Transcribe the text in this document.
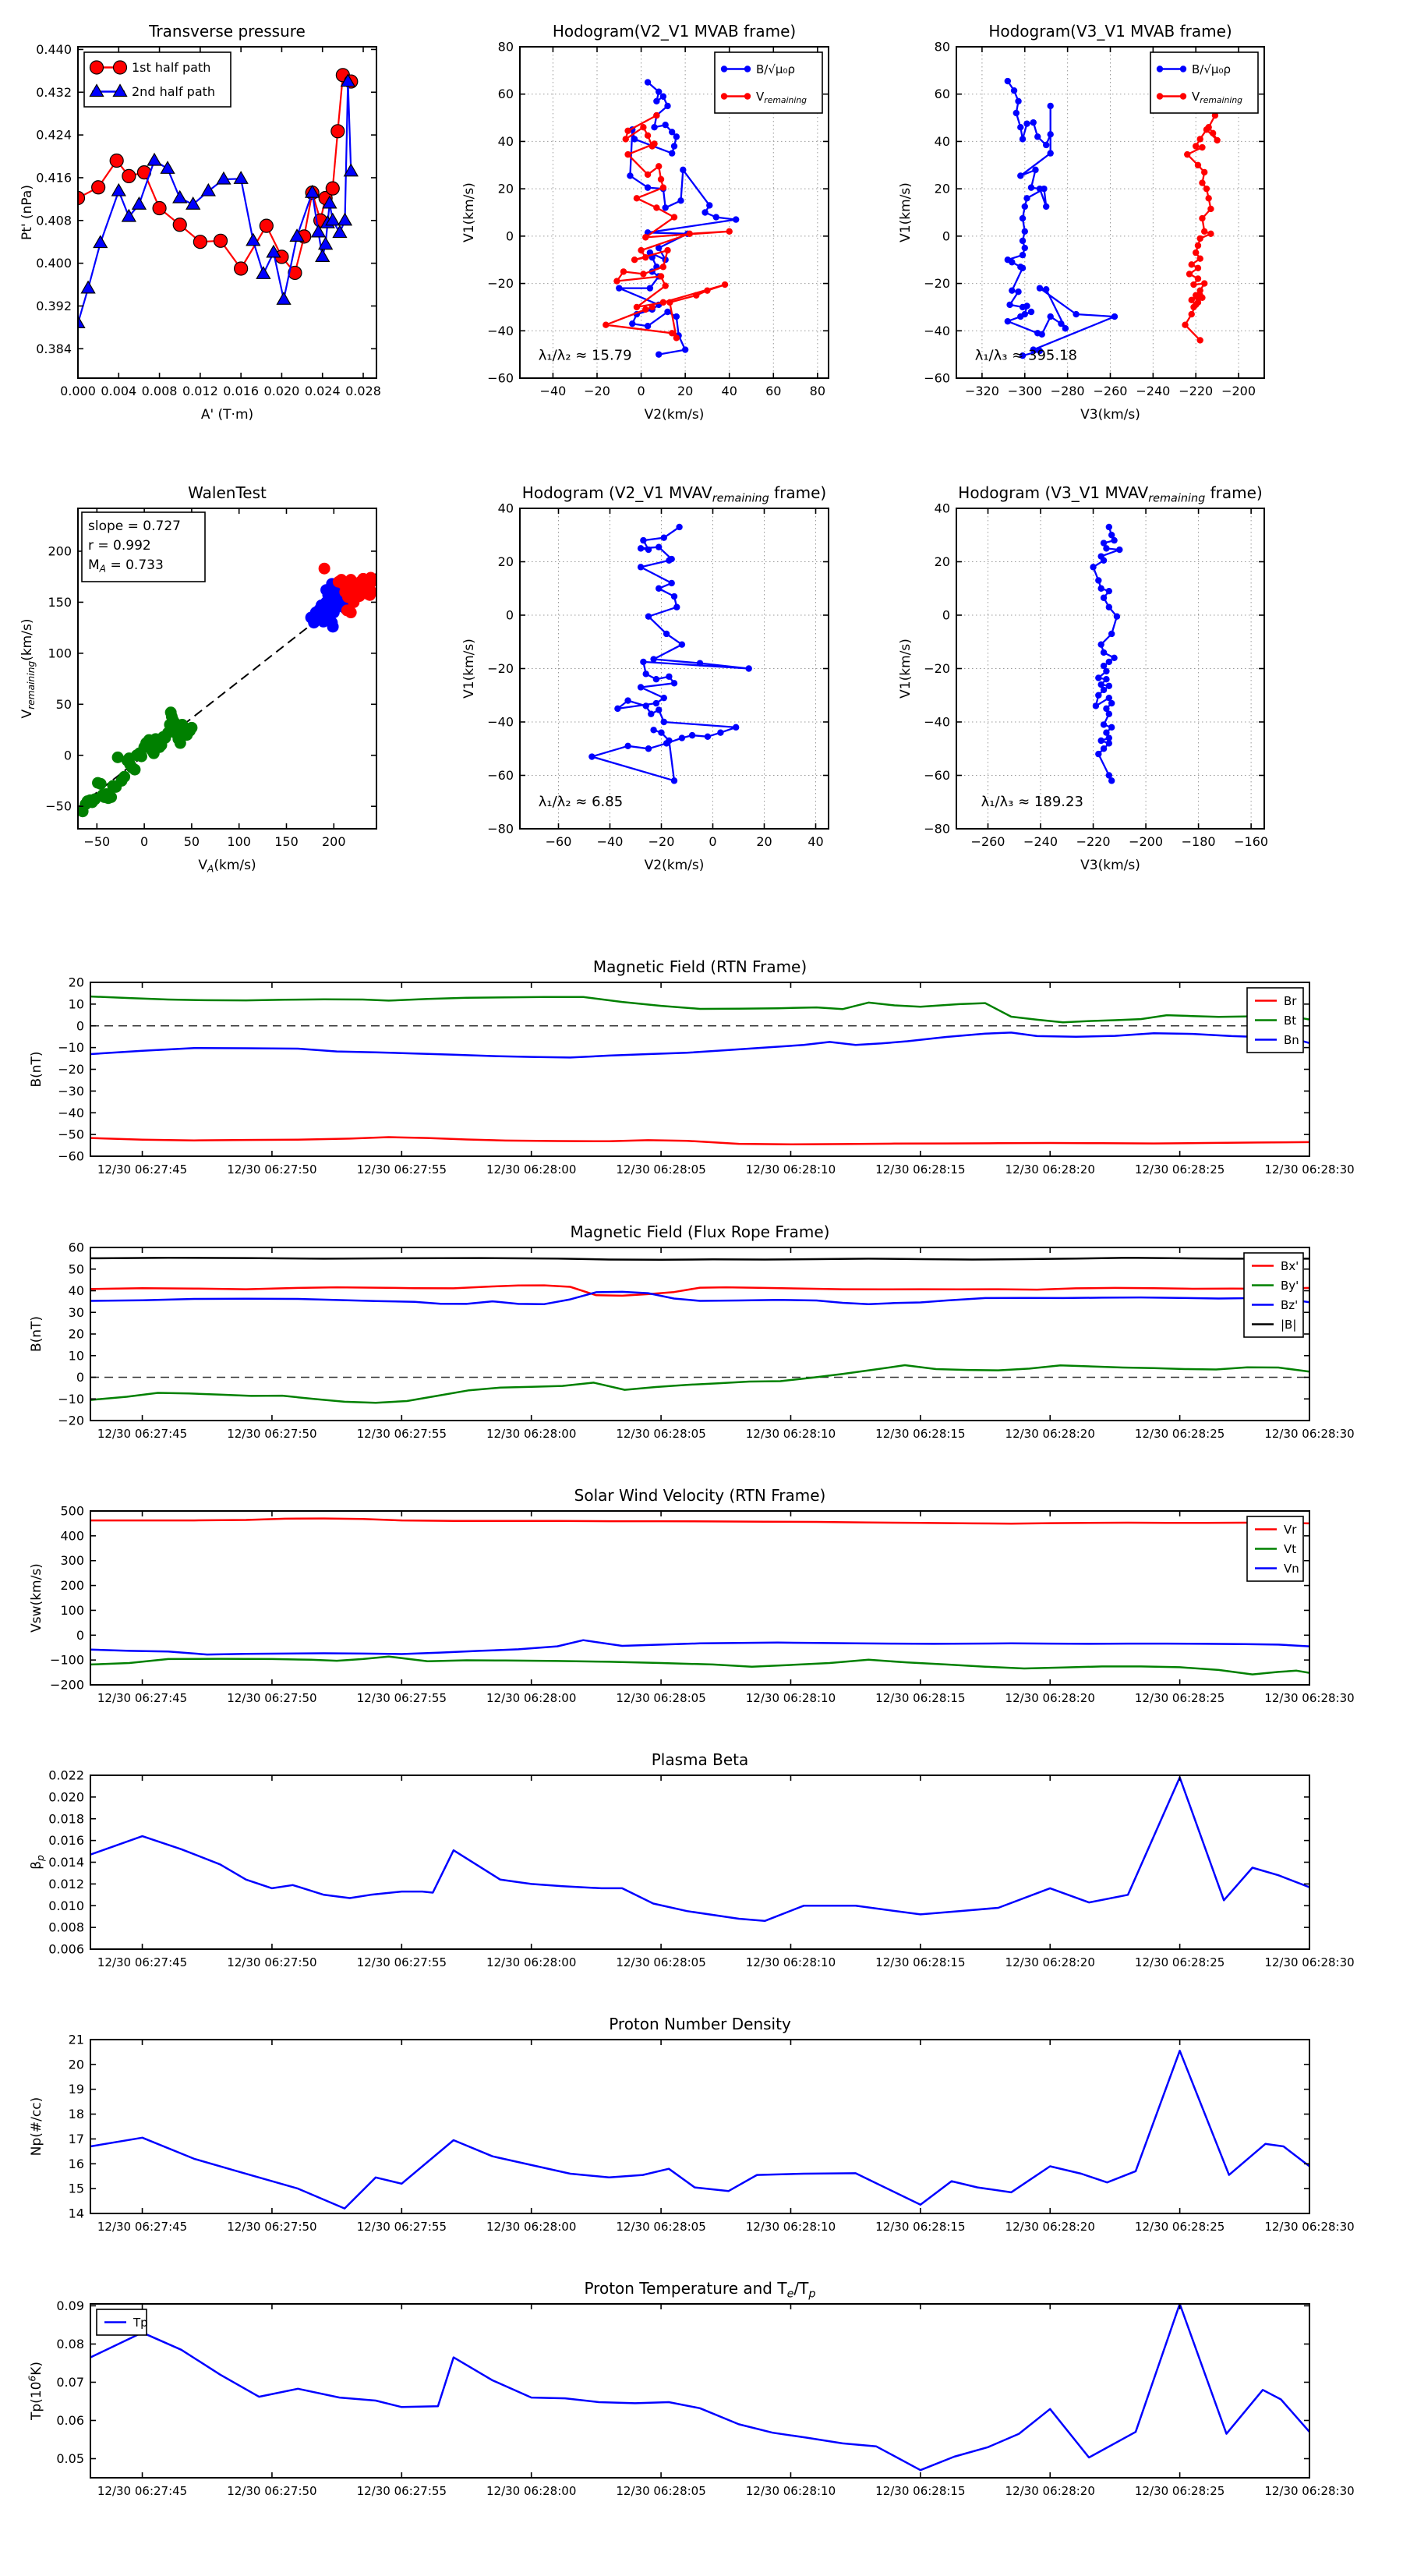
0.000 0.004 0.008 0.012 0.016 0.020 0.024 0.028
0.384
0.392
0.400
0.408
0.416
0.424
0.432
0.440
Transverse pressure
A' (T·m)
Pt' (nPa)
1st half path
2nd half path
−40 −20 0	20 40 60 80
−60
−40
−20
0
20
40
60
80
Hodogram(V2_V1 MVAB frame)
V2(km/s)
V1(km/s)
λ₁/λ₂ ≈ 15.79
B/√μ₀ρ
$V_{remaining}$
−320 −300 −280 −260 −240 −220 −200
−60
−40
−20
0
20
40
60
80
Hodogram(V3_V1 MVAB frame)
V3(km/s)
V1(km/s)
λ₁/λ₃ ≈ 395.18
B/√μ₀ρ
$V_{remaining}$
−50 0	50 100 150 200
−50
0
50
100
150
200
WalenTest
$V_A(km/s)$
$V_{remaining}(km/s)$
slope = 0.727
r = 0.992
$M_A = 0.733$
−60 −40 −20	0	20	40
−80
−60
−40
−20
0
20
40
Hodogram (V2_V1 $MVAV_{remaining}$ frame)
V2(km/s)
V1(km/s)
λ₁/λ₂ ≈ 6.85
−260 −240 −220 −200 −180 −160
−80
−60
−40
−20
0
20
40
Hodogram (V3_V1 $MVAV_{remaining}$ frame)
V3(km/s)
V1(km/s)
λ₁/λ₃ ≈ 189.23
12/30 06:27:45	12/30 06:27:50	12/30 06:27:55	12/30 06:28:00	12/30 06:28:05	12/30 06:28:10	12/30 06:28:15	12/30 06:28:20	12/30 06:28:25	12/30 06:28:30
−60
−50
−40
−30
−20
−10
0
10
20
Magnetic Field (RTN Frame)
B(nT)
Br
Bt
Bn
12/30 06:27:45	12/30 06:27:50	12/30 06:27:55	12/30 06:28:00	12/30 06:28:05	12/30 06:28:10	12/30 06:28:15	12/30 06:28:20	12/30 06:28:25	12/30 06:28:30
−20
−10
0
10
20
30
40
50
60
Magnetic Field (Flux Rope Frame)
B(nT)
Bx'
By'
Bz'
|B|
12/30 06:27:45	12/30 06:27:50	12/30 06:27:55	12/30 06:28:00	12/30 06:28:05	12/30 06:28:10	12/30 06:28:15	12/30 06:28:20	12/30 06:28:25	12/30 06:28:30
−200
−100
0
100
200
300
400
500
Solar Wind Velocity (RTN Frame)
Vsw(km/s)
Vr
Vt
Vn
12/30 06:27:45	12/30 06:27:50	12/30 06:27:55	12/30 06:28:00	12/30 06:28:05	12/30 06:28:10	12/30 06:28:15	12/30 06:28:20	12/30 06:28:25	12/30 06:28:30
0.006
0.008
0.010
0.012
0.014
0.016
0.018
0.020
0.022
Plasma Beta
$\beta_p$
12/30 06:27:45	12/30 06:27:50	12/30 06:27:55	12/30 06:28:00	12/30 06:28:05	12/30 06:28:10	12/30 06:28:15	12/30 06:28:20	12/30 06:28:25	12/30 06:28:30
14
15
16
17
18
19
20
21
Proton Number Density
Np(#/cc)
12/30 06:27:45	12/30 06:27:50	12/30 06:27:55	12/30 06:28:00	12/30 06:28:05	12/30 06:28:10	12/30 06:28:15	12/30 06:28:20	12/30 06:28:25	12/30 06:28:30
0.05
0.06
0.07
0.08
0.09
Proton Temperature and $T_e/T_p$
$Tp(10^6K)$
Tp
